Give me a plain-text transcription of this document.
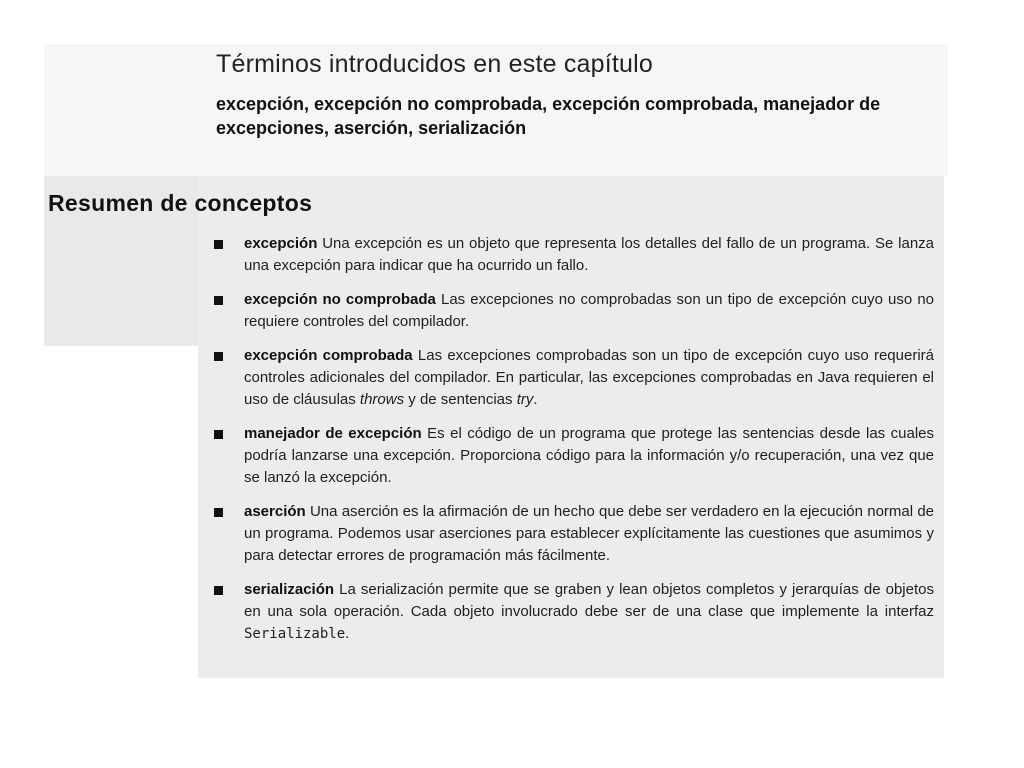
Términos introducidos en este capítulo
excepción, excepción no comprobada, excepción comprobada, manejador de excepciones, aserción, serialización
Resumen de conceptos
excepción Una excepción es un objeto que representa los detalles del fallo de un programa. Se lanza una excepción para indicar que ha ocurrido un fallo.
excepción no comprobada Las excepciones no comprobadas son un tipo de excepción cuyo uso no requiere controles del compilador.
excepción comprobada Las excepciones comprobadas son un tipo de excepción cuyo uso requerirá controles adicionales del compilador. En particular, las excepciones comprobadas en Java requieren el uso de cláusulas throws y de sentencias try.
manejador de excepción Es el código de un programa que protege las sentencias desde las cuales podría lanzarse una excepción. Proporciona código para la información y/o recuperación, una vez que se lanzó la excepción.
aserción Una aserción es la afirmación de un hecho que debe ser verdadero en la ejecución normal de un programa. Podemos usar aserciones para establecer explícitamente las cuestiones que asumimos y para detectar errores de programación más fácilmente.
serialización La serialización permite que se graben y lean objetos completos y jerarquías de objetos en una sola operación. Cada objeto involucrado debe ser de una clase que implemente la interfaz Serializable.
